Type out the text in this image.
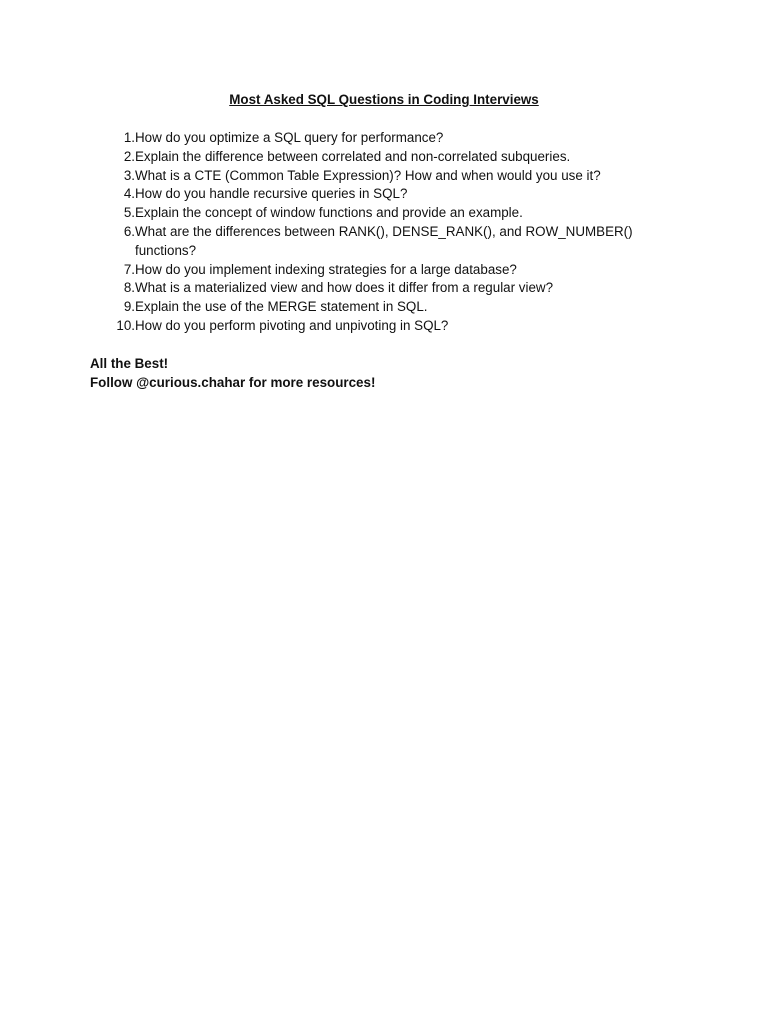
Most Asked SQL Questions in Coding Interviews
1. How do you optimize a SQL query for performance?
2. Explain the difference between correlated and non-correlated subqueries.
3. What is a CTE (Common Table Expression)? How and when would you use it?
4. How do you handle recursive queries in SQL?
5. Explain the concept of window functions and provide an example.
6. What are the differences between RANK(), DENSE_RANK(), and ROW_NUMBER() functions?
7. How do you implement indexing strategies for a large database?
8. What is a materialized view and how does it differ from a regular view?
9. Explain the use of the MERGE statement in SQL.
10. How do you perform pivoting and unpivoting in SQL?
All the Best!
Follow @curious.chahar for more resources!
